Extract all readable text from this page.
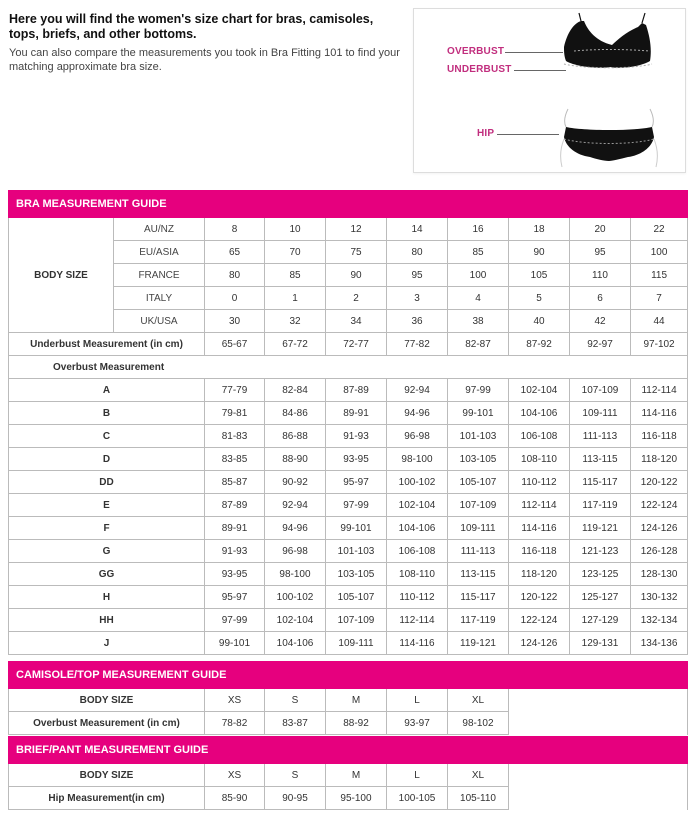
Here you will find the women's size chart for bras, camisoles, tops, briefs, and other bottoms.

You can also compare the measurements you took in Bra Fitting 101 to find your matching approximate bra size.

OVERBUST
UNDERBUST
HIP
BRA MEASUREMENT GUIDE									
BODY SIZE	AU/NZ	8	10	12	14	16	18	20	22
	EU/ASIA	65	70	75	80	85	90	95	100
	FRANCE	80	85	90	95	100	105	110	115
	ITALY	0	1	2	3	4	5	6	7
	UK/USA	30	32	34	36	38	40	42	44
Underbust Measurement (in cm)		65-67	67-72	72-77	77-82	82-87	87-92	92-97	97-102
Overbust Measurement									
A		77-79	82-84	87-89	92-94	97-99	102-104	107-109	112-114
B		79-81	84-86	89-91	94-96	99-101	104-106	109-111	114-116
C		81-83	86-88	91-93	96-98	101-103	106-108	111-113	116-118
D		83-85	88-90	93-95	98-100	103-105	108-110	113-115	118-120
DD		85-87	90-92	95-97	100-102	105-107	110-112	115-117	120-122
E		87-89	92-94	97-99	102-104	107-109	112-114	117-119	122-124
F		89-91	94-96	99-101	104-106	109-111	114-116	119-121	124-126
G		91-93	96-98	101-103	106-108	111-113	116-118	121-123	126-128
GG		93-95	98-100	103-105	108-110	113-115	118-120	123-125	128-130
H		95-97	100-102	105-107	110-112	115-117	120-122	125-127	130-132
HH		97-99	102-104	107-109	112-114	117-119	122-124	127-129	132-134
J		99-101	104-106	109-111	114-116	119-121	124-126	129-131	134-136
CAMISOLE/TOP MEASUREMENT GUIDE						
BODY SIZE	XS	S	M	L	XL	
Overbust Measurement (in cm)	78-82	83-87	88-92	93-97	98-102	
BRIEF/PANT MEASUREMENT GUIDE						
BODY SIZE	XS	S	M	L	XL	
Hip Measurement(in cm)	85-90	90-95	95-100	100-105	105-110	
